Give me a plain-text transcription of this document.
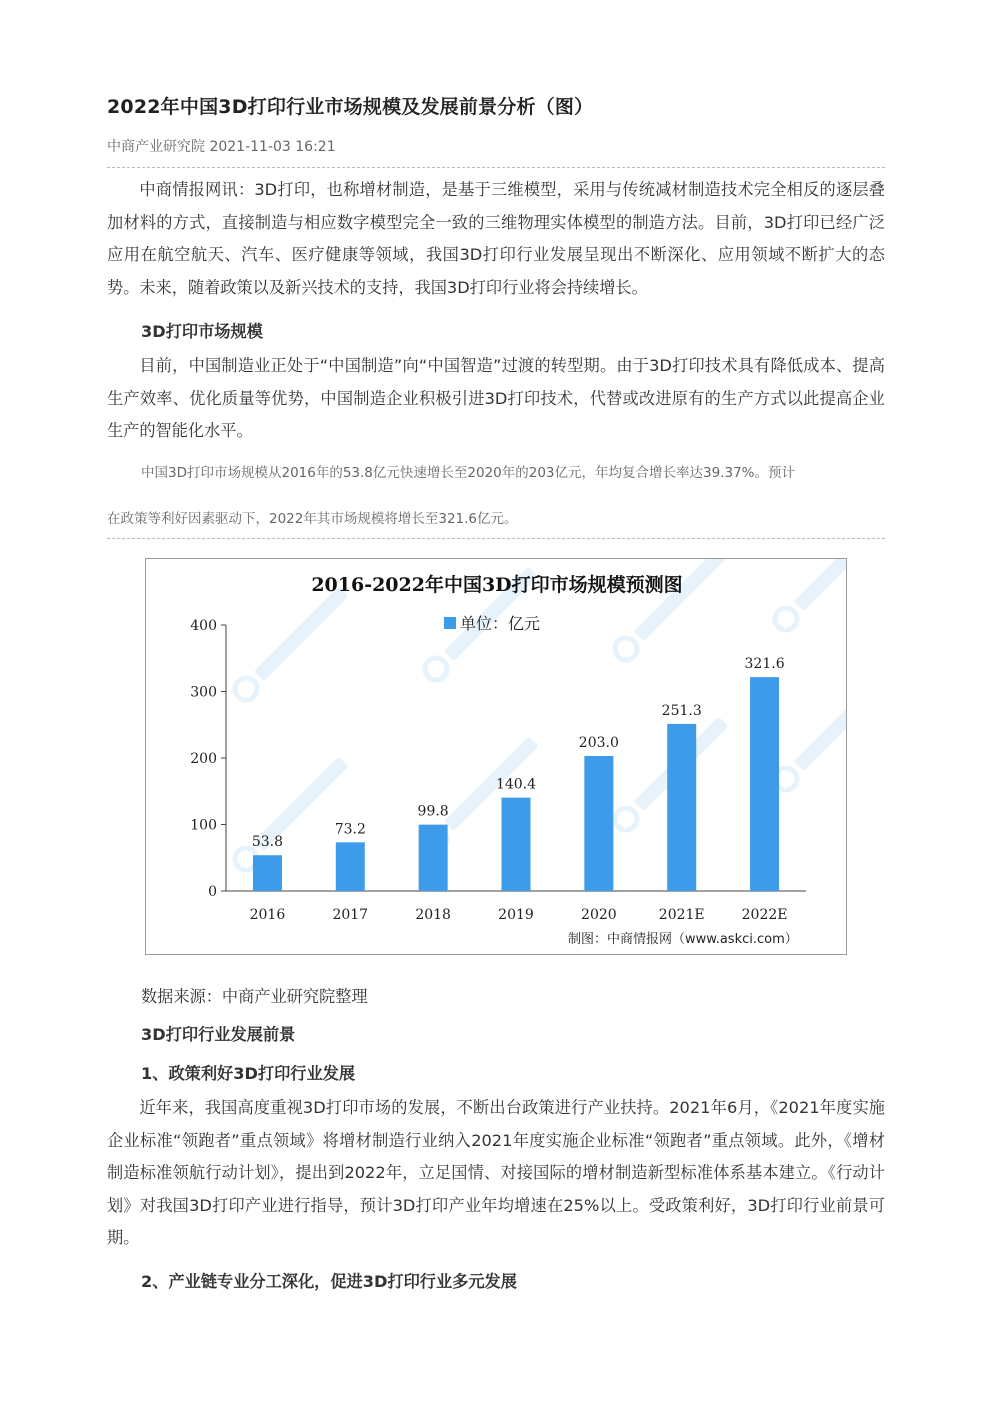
2022年中国3D打印行业市场规模及发展前景分析（图）
中商产业研究院 2021-11-03 16:21
中商情报网讯：3D打印，也称增材制造，是基于三维模型，采用与传统减材制造技术完全相反的逐层叠加材料的方式，直接制造与相应数字模型完全一致的三维物理实体模型的制造方法。目前，3D打印已经广泛应用在航空航天、汽车、医疗健康等领域，我国3D打印行业发展呈现出不断深化、应用领域不断扩大的态势。未来，随着政策以及新兴技术的支持，我国3D打印行业将会持续增长。
3D打印市场规模
目前，中国制造业正处于“中国制造”向“中国智造”过渡的转型期。由于3D打印技术具有降低成本、提高生产效率、优化质量等优势，中国制造企业积极引进3D打印技术，代替或改进原有的生产方式以此提高企业生产的智能化水平。
中国3D打印市场规模从2016年的53.8亿元快速增长至2020年的203亿元，年均复合增长率达39.37%。预计
在政策等利好因素驱动下，2022年其市场规模将增长至321.6亿元。
2016-2022年中国3D打印市场规模预测图
单位：亿元
0
100
200
300
400
53.8
2016
73.2
2017
99.8
2018
140.4
2019
203.0
2020
251.3
2021E
321.6
2022E
制图：中商情报网（www.askci.com）
数据来源：中商产业研究院整理
3D打印行业发展前景
1、政策利好3D打印行业发展
近年来，我国高度重视3D打印市场的发展，不断出台政策进行产业扶持。2021年6月，《2021年度实施企业标准“领跑者”重点领域》将增材制造行业纳入2021年度实施企业标准“领跑者”重点领域。此外，《增材制造标准领航行动计划》，提出到2022年，立足国情、对接国际的增材制造新型标准体系基本建立。《行动计划》对我国3D打印产业进行指导，预计3D打印产业年均增速在25%以上。受政策利好，3D打印行业前景可期。
2、产业链专业分工深化，促进3D打印行业多元发展
